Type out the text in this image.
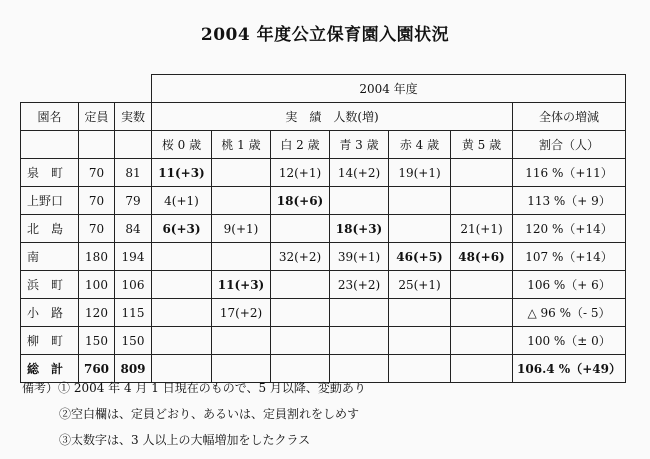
2004 年度公立保育園入園状況
			2004 年度						
園名	定員	実数	実　績　人数(増)						全体の増減
			桜 0 歳	桃 1 歳	白 2 歳	青 3 歳	赤 4 歳	黄 5 歳	割合（人）
泉　町	70	81	11(+3)		12(+1)	14(+2)	19(+1)		116 %（+11）
上野口	70	79	4(+1)		18(+6)				113 %（+ 9）
北　島	70	84	6(+3)	9(+1)		18(+3)		21(+1)	120 %（+14）
南	180	194			32(+2)	39(+1)	46(+5)	48(+6)	107 %（+14）
浜　町	100	106		11(+3)		23(+2)	25(+1)		106 %（+ 6）
小　路	120	115		17(+2)					△ 96 %（- 5）
柳　町	150	150							100 %（± 0）
総　計	760	809							106.4 %（+49）
備考）① 2004 年 4 月 1 日現在のもので、5 月以降、変動あり
②空白欄は、定員どおり、あるいは、定員割れをしめす
③太数字は、3 人以上の大幅増加をしたクラス
